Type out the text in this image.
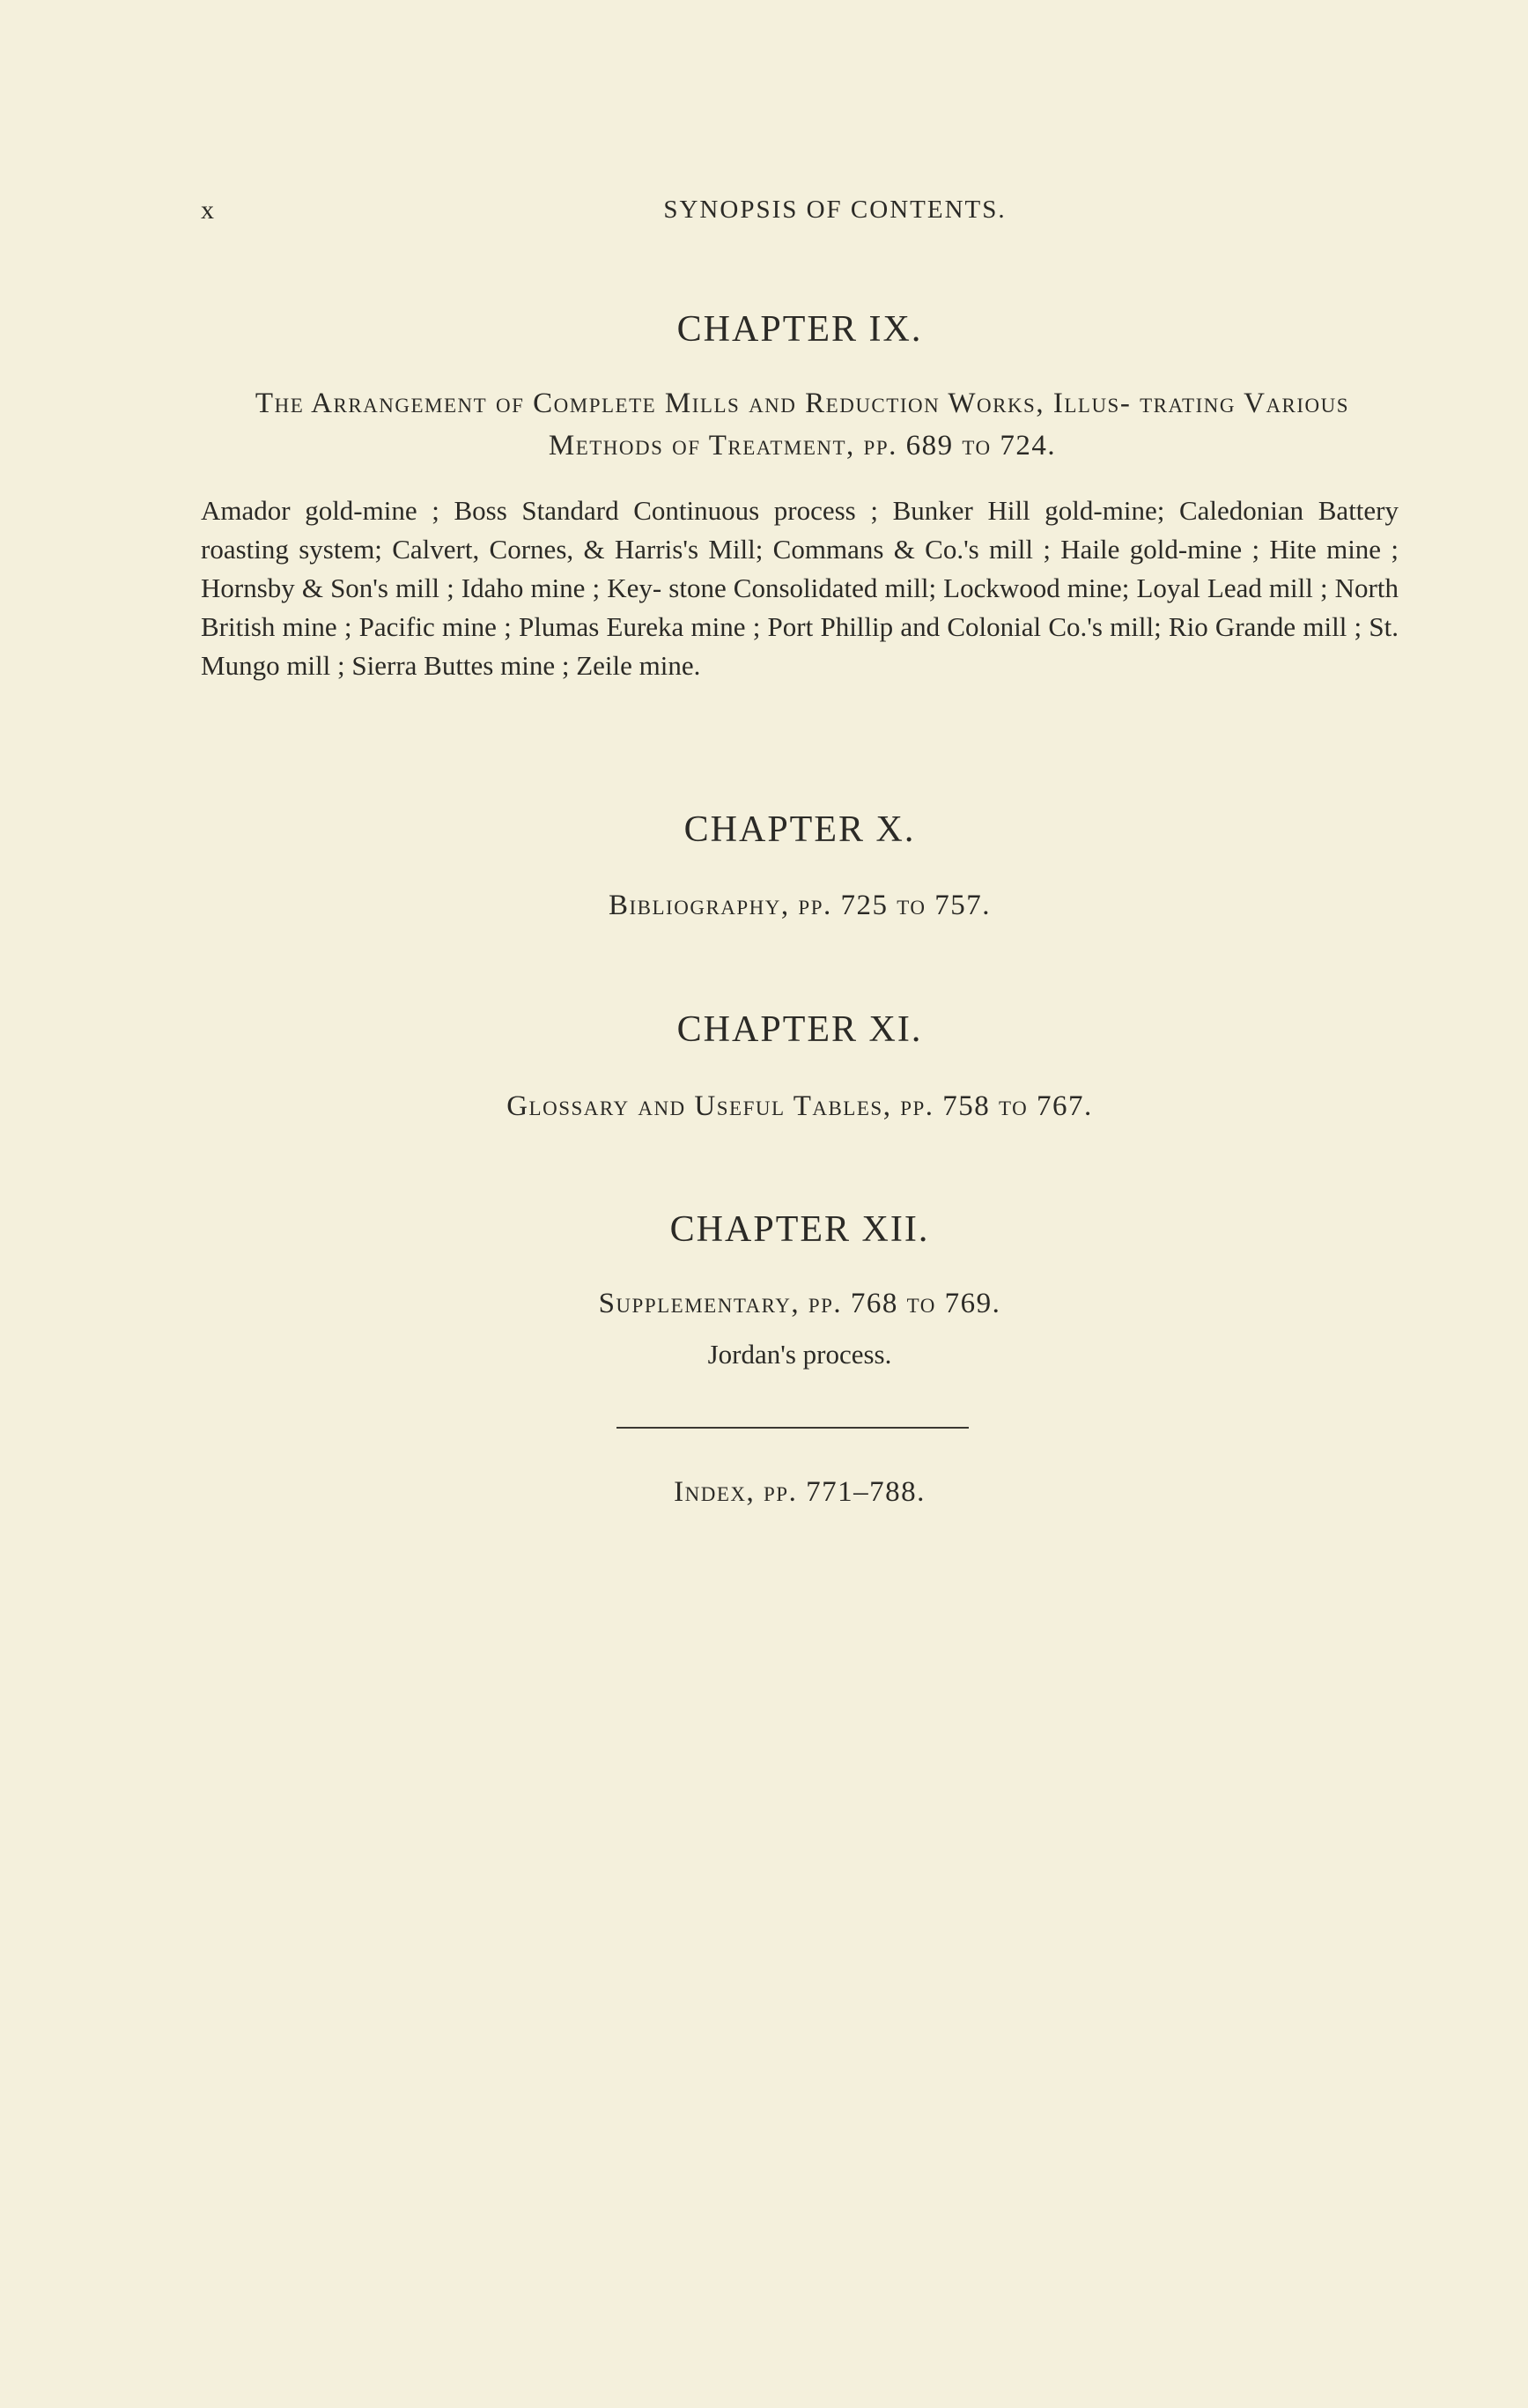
x	SYNOPSIS OF CONTENTS.
CHAPTER IX.

The Arrangement of Complete Mills and Reduction Works, Illus- trating Various Methods of Treatment, pp. 689 to 724.

Amador gold-mine ; Boss Standard Continuous process ; Bunker Hill gold-mine; Caledonian Battery roasting system; Calvert, Cornes, & Harris's Mill; Commans & Co.'s mill ; Haile gold-mine ; Hite mine ; Hornsby & Son's mill ; Idaho mine ; Key- stone Consolidated mill; Lockwood mine; Loyal Lead mill ; North British mine ; Pacific mine ; Plumas Eureka mine ; Port Phillip and Colonial Co.'s mill; Rio Grande mill ; St. Mungo mill ; Sierra Buttes mine ; Zeile mine.

CHAPTER X.

Bibliography, pp. 725 to 757.

CHAPTER XI.

Glossary and Useful Tables, pp. 758 to 767.

CHAPTER XII.

Supplementary, pp. 768 to 769.

Jordan's process.

Index, pp. 771–788.
